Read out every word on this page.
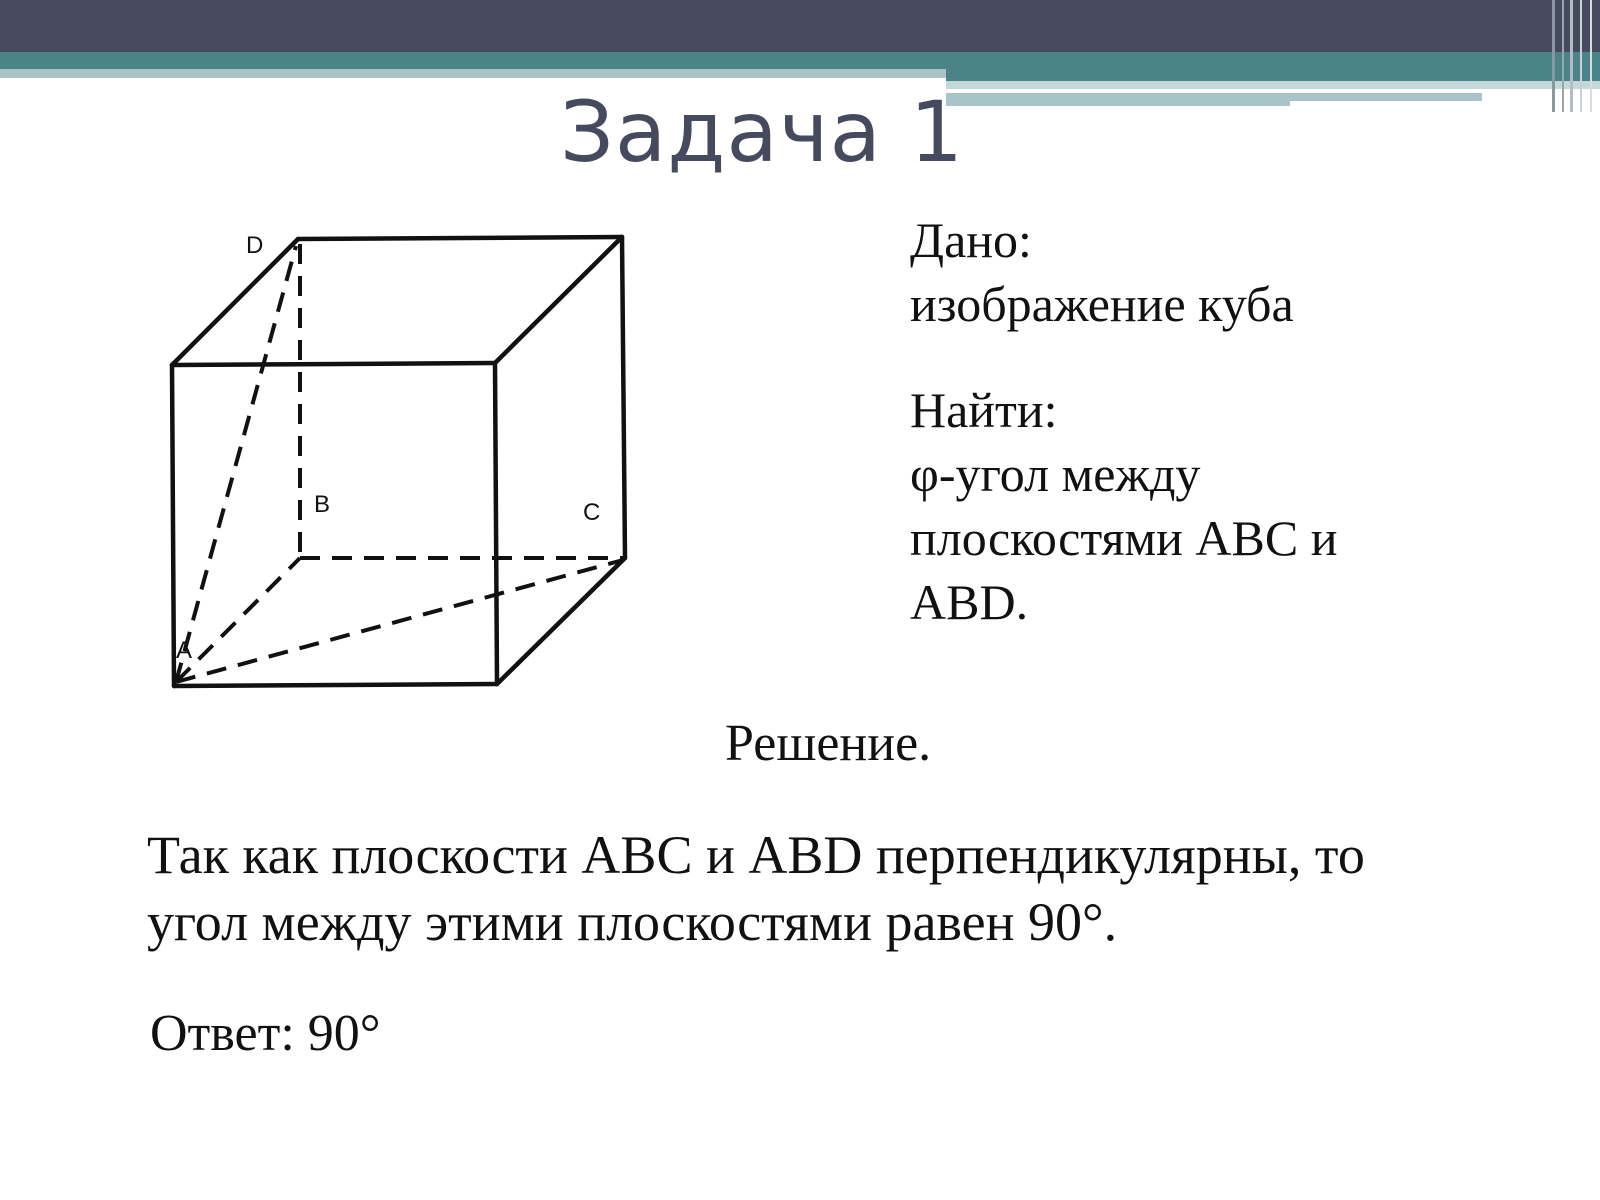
Задача 1
D
B	C
A
Дано:
изображение куба
Найти:
φ-угол между
плоскостями АВС и
АВD.
Решение.
Так как плоскости АВС и АВD перпендикулярны, то
угол между этими плоскостями равен 90°.
Ответ: 90°
